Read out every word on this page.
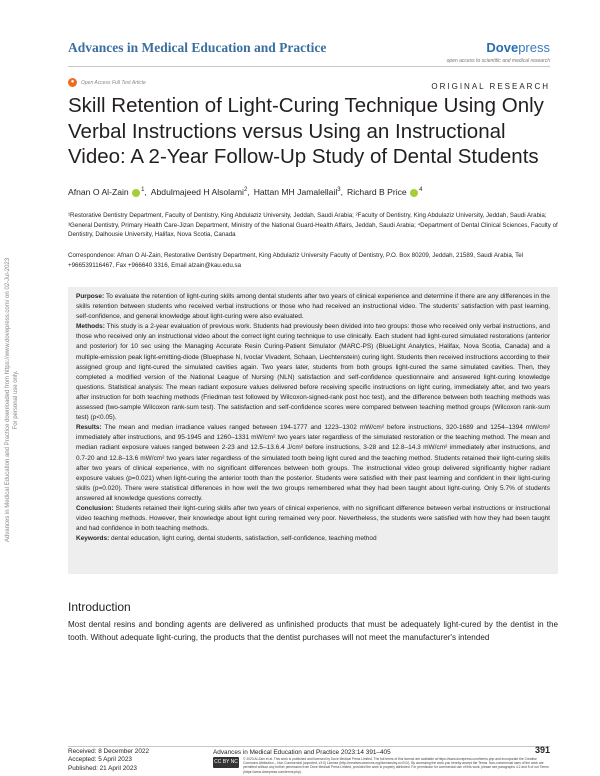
Advances in Medical Education and Practice	Dovepress
open access to scientific and medical research
●	Open Access Full Text Article	ORIGINAL RESEARCH
Skill Retention of Light-Curing Technique Using Only Verbal Instructions versus Using an Instructional Video: A 2-Year Follow-Up Study of Dental Students
Afnan O Al-Zain $^1$, Abdulmajeed H Alsolami$^2$, Hattan MH Jamalellail$^3$, Richard B Price $^4$
¹Restorative Dentistry Department, Faculty of Dentistry, King Abdulaziz University, Jeddah, Saudi Arabia; ²Faculty of Dentistry, King Abdulaziz University, Jeddah, Saudi Arabia; ³General Dentistry, Primary Health Care-Jizan Department, Ministry of the National Guard-Health Affairs, Jeddah, Saudi Arabia; ⁴Department of Dental Clinical Sciences, Faculty of Dentistry, Dalhousie University, Halifax, Nova Scotia, Canada
Correspondence: Afnan O Al-Zain, Restorative Dentistry Department, King Abdulaziz University Faculty of Dentistry, P.O. Box 80209, Jeddah, 21589, Saudi Arabia, Tel +966539116467, Fax +966640 3316, Email alzain@kau.edu.sa

Purpose: To evaluate the retention of light-curing skills among dental students after two years of clinical experience and determine if there are any differences in the skills retention between students who received verbal instructions or those who had received an instructional video. The students' satisfaction with past learning, self-confidence, and general knowledge about light-curing were also evaluated.

Methods: This study is a 2-year evaluation of previous work. Students had previously been divided into two groups: those who received only verbal instructions, and those who received only an instructional video about the correct light curing technique to use clinically. Each student had light-cured simulated restorations (anterior and posterior) for 10 sec using the Managing Accurate Resin Curing-Patient Simulator (MARC-PS) (BlueLight Analytics, Halifax, Nova Scotia, Canada) and a multiple-emission peak light-emitting-diode (Bluephase N, Ivoclar Vivadent, Schaan, Liechtenstein) curing light. Students then received instructions according to their assigned group and light-cured the simulated cavities again. Two years later, students from both groups light-cured the same simulated cavities. Then, they completed a modified version of the National League of Nursing (NLN) satisfaction and self-confidence questionnaire and answered light-curing knowledge questions. Statistical analysis: The mean radiant exposure values delivered before receiving specific instructions on light curing, immediately after, and two years after instruction for both teaching methods (Friedman test followed by Wilcoxon-signed-rank post hoc test), and the difference between both teaching methods was assessed (two-sample Wilcoxon rank-sum test). The satisfaction and self-confidence scores were compared between teaching method groups (Wilcoxon rank-sum test) (p<0.05).

Results: The mean and median irradiance values ranged between 194-1777 and 1223–1302 mW/cm² before instructions, 320-1689 and 1254–1394 mW/cm² immediately after instructions, and 95-1945 and 1260–1331 mW/cm² two years later regardless of the simulated restoration or the teaching method. The mean and median radiant exposure values ranged between 2-23 and 12.5–13.6.4 J/cm² before instructions, 3-28 and 12.8–14.3 mW/cm² immediately after instructions, and 0.7-20 and 12.8–13.6 mW/cm² two years later regardless of the simulated tooth being light cured and the teaching method. Students retained their light-curing skills after two years of clinical experience, with no significant differences between both groups. The instructional video group delivered significantly higher radiant exposure values (p=0.021) when light-curing the anterior tooth than the posterior. Students were satisfied with their past learning and confident in their light-curing skills (p=0.020). There were statistical differences in how well the two groups remembered what they had been taught about light-curing. Only 5.7% of students answered all knowledge questions correctly.

Conclusion: Students retained their light-curing skills after two years of clinical experience, with no significant difference between verbal instructions or instructional video teaching methods. However, their knowledge about light curing remained very poor. Nevertheless, the students were satisfied with how they had been taught and had confidence in both teaching methods.

Keywords: dental education, light curing, dental students, satisfaction, self-confidence, teaching method

Introduction

Most dental resins and bonding agents are delivered as unfinished products that must be adequately light-cured by the dentist in the tooth. Without adequate light-curing, the products that the dentist purchases will not meet the manufacturer's intended

Received: 8 December 2022
Accepted: 5 April 2023
Published: 21 April 2023
Advances in Medical Education and Practice 2023:14 391–405	391
CC BY NC	© 2023 Al-Zain et al. This work is published and licensed by Dove Medical Press Limited. The full terms of this license are available at https://www.dovepress.com/terms.php and incorporate the Creative Commons Attribution – Non Commercial (unported, v3.0) License (http://creativecommons.org/licenses/by-nc/3.0/). By accessing the work you hereby accept the Terms. Non-commercial uses of the work are permitted without any further permission from Dove Medical Press Limited, provided the work is properly attributed. For permission for commercial use of this work, please see paragraphs 4.2 and 5 of our Terms (https://www.dovepress.com/terms.php).
Advances in Medical Education and Practice downloaded from https://www.dovepress.com/ on 02-Jul-2023 For personal use only.
